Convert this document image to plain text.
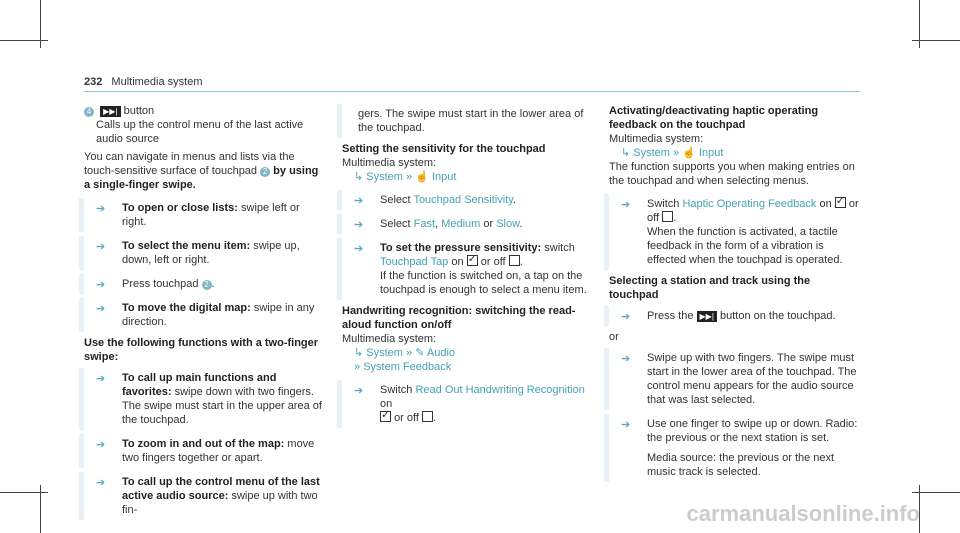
232 Multimedia system

4 ▶▶| button

Calls up the control menu of the last active audio source

You can navigate in menus and lists via the touch-sensitive surface of touchpad 2 by using a single-finger swipe.

➔ To open or close lists: swipe left or right.
➔ To select the menu item: swipe up, down, left or right.
➔ Press touchpad 2 .
➔ To move the digital map: swipe in any direction.

Use the following functions with a two-finger swipe:

➔ To call up main functions and favorites: swipe down with two fingers. The swipe must start in the upper area of the touchpad.
➔ To zoom in and out of the map: move two fingers together or apart.
➔ To call up the control menu of the last active audio source: swipe up with two fin-
gers. The swipe must start in the lower area of the touchpad.

Setting the sensitivity for the touchpad

Multimedia system:

↳ System » ☝ Input

➔ Select Touchpad Sensitivity.
➔ Select Fast, Medium or Slow.
➔ To set the pressure sensitivity: switch Touchpad Tap on ✓ or off .
If the function is switched on, a tap on the touchpad is enough to select a menu item.

Handwriting recognition: switching the read-aloud function on/off

Multimedia system:

↳ System » ✎ Audio

» System Feedback

➔ Switch Read Out Handwriting Recognition on
✓ or off .

Activating/deactivating haptic operating feedback on the touchpad

Multimedia system:

↳ System » ☝ Input

The function supports you when making entries on the touchpad and when selecting menus.

➔ Switch Haptic Operating Feedback on ✓ or
off .
When the function is activated, a tactile feedback in the form of a vibration is effected when the touchpad is operated.

Selecting a station and track using the touchpad

➔ Press the ▶▶| button on the touchpad.

or

➔ Swipe up with two fingers. The swipe must start in the lower area of the touchpad. The control menu appears for the audio source that was last selected.
➔ Use one finger to swipe up or down. Radio: the previous or the next station is set.

Media source: the previous or the next music track is selected.
carmanualsonline.info
